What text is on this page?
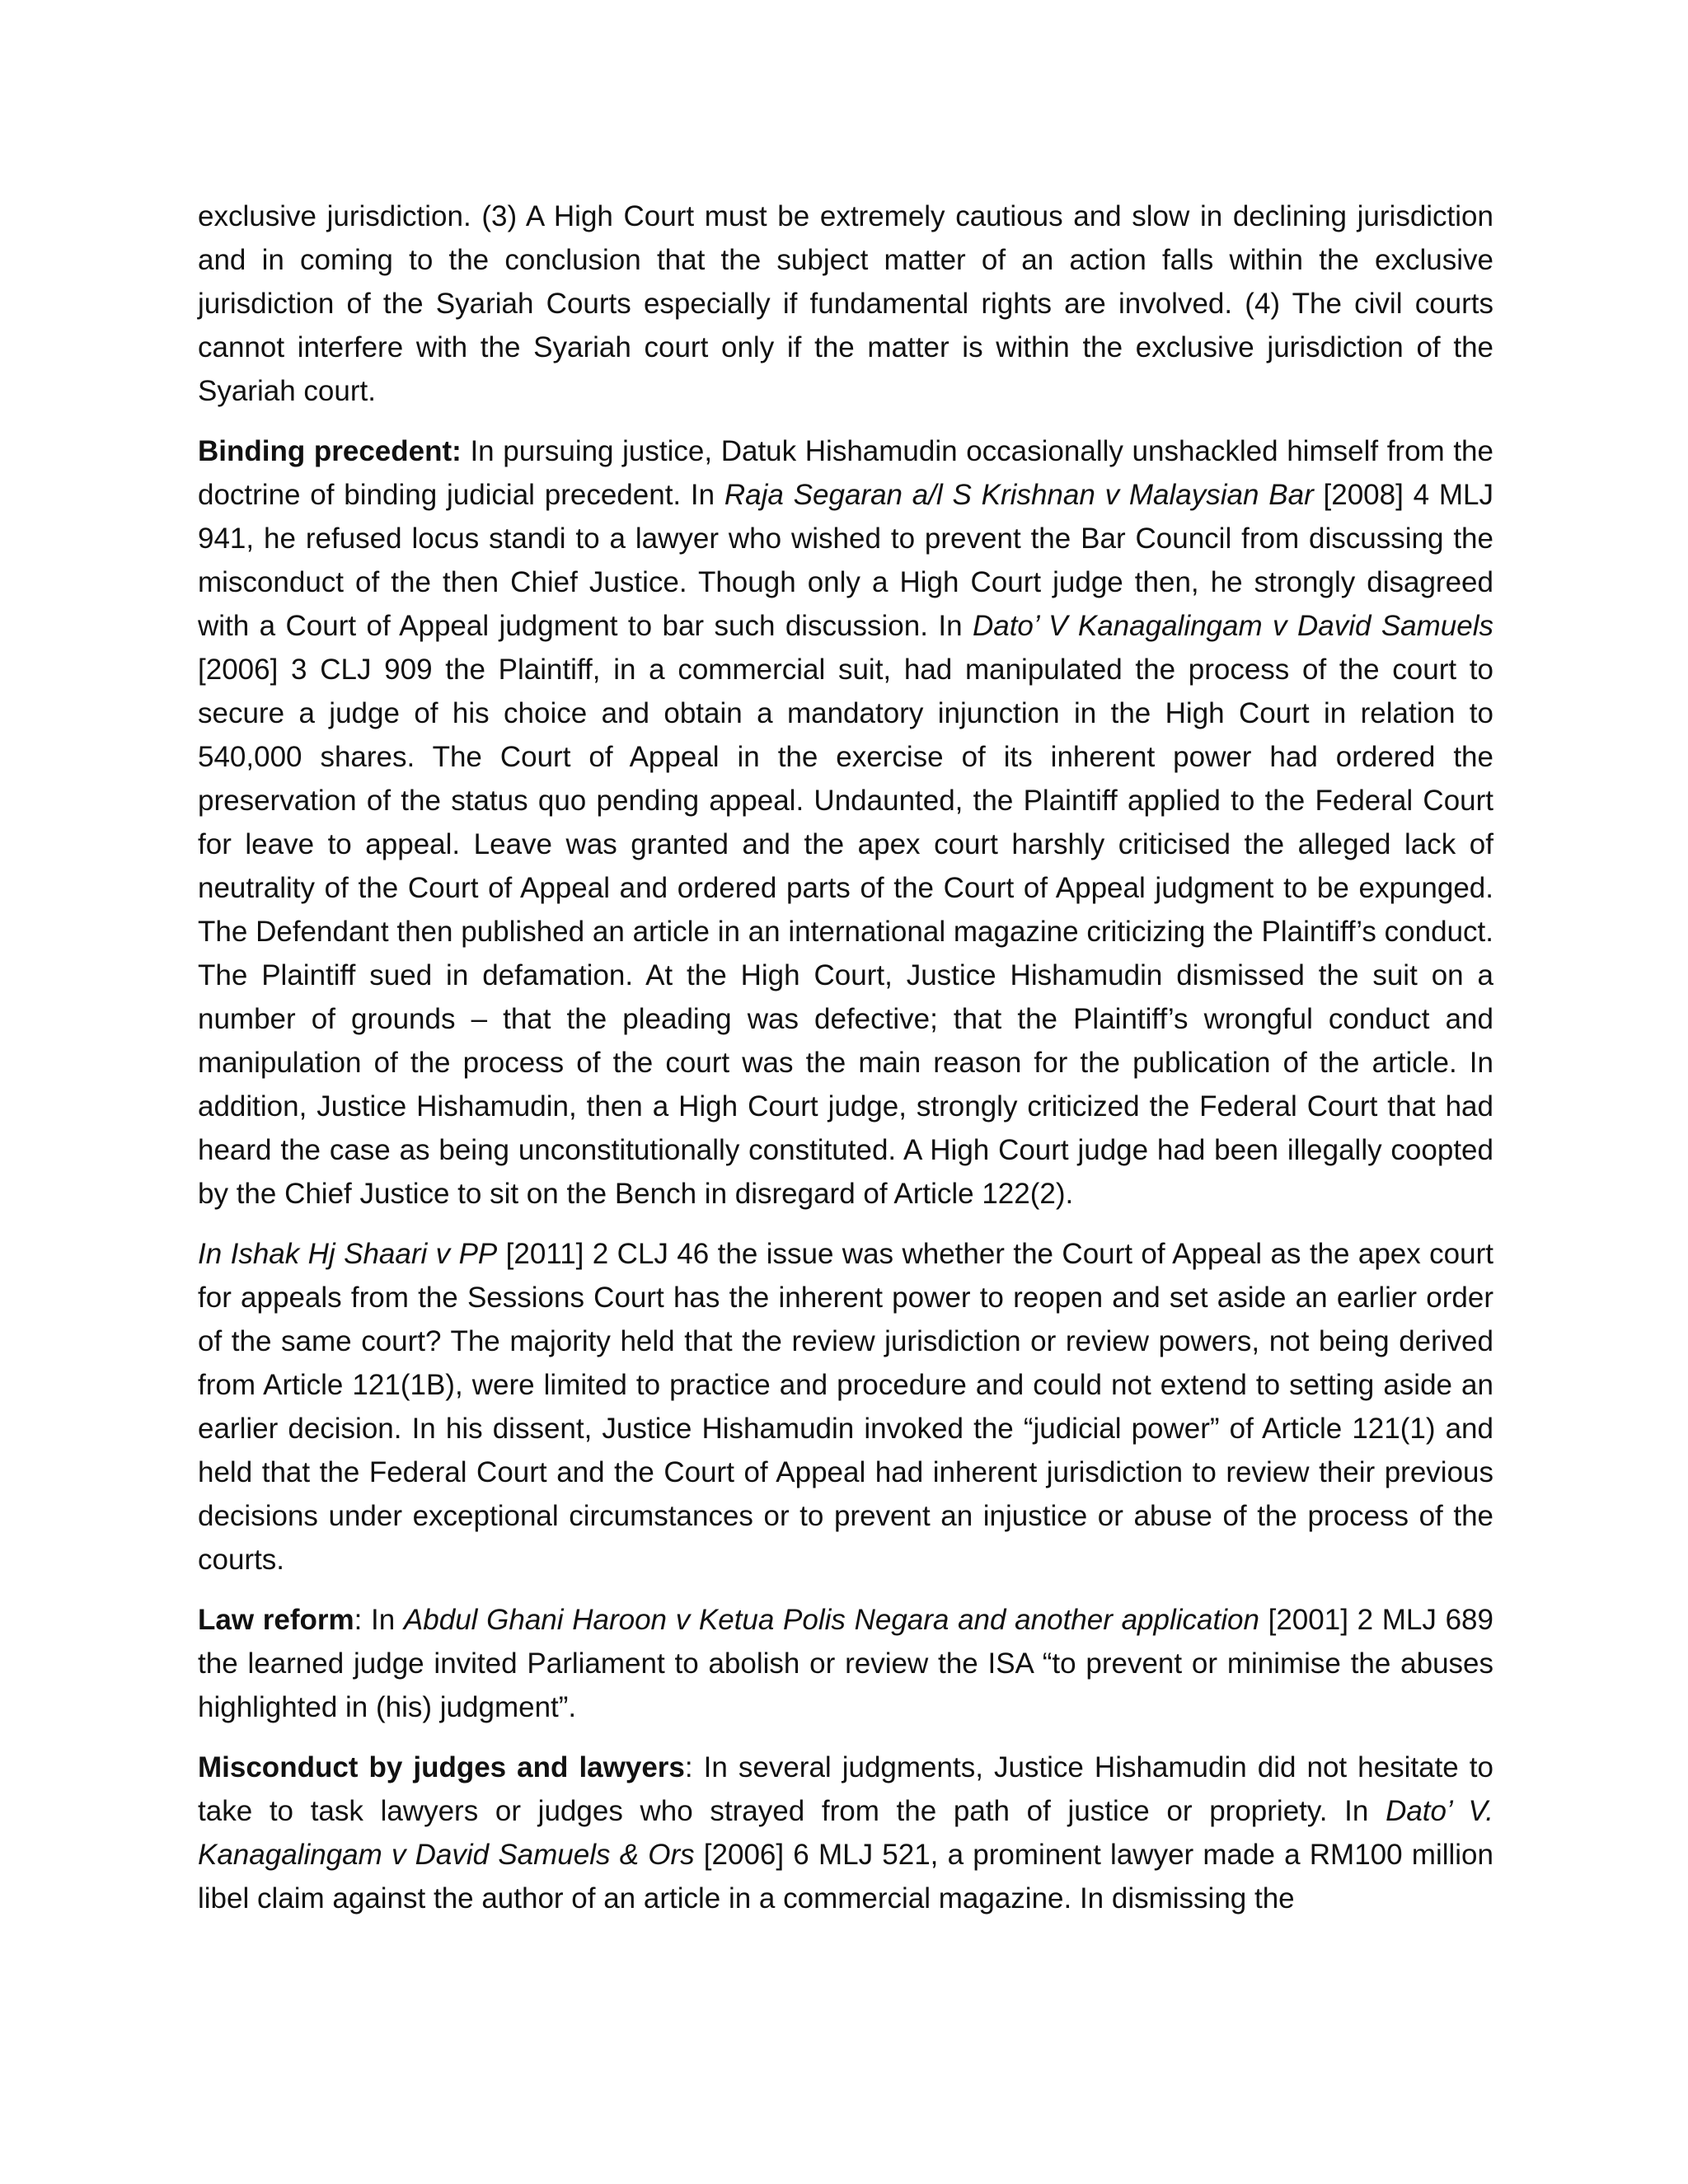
exclusive jurisdiction. (3) A High Court must be extremely cautious and slow in declining jurisdiction and in coming to the conclusion that the subject matter of an action falls within the exclusive jurisdiction of the Syariah Courts especially if fundamental rights are involved. (4) The civil courts cannot interfere with the Syariah court only if the matter is within the exclusive jurisdiction of the Syariah court.

Binding precedent: In pursuing justice, Datuk Hishamudin occasionally unshackled himself from the doctrine of binding judicial precedent. In Raja Segaran a/l S Krishnan v Malaysian Bar [2008] 4 MLJ 941, he refused locus standi to a lawyer who wished to prevent the Bar Council from discussing the misconduct of the then Chief Justice. Though only a High Court judge then, he strongly disagreed with a Court of Appeal judgment to bar such discussion. In Dato’ V Kanagalingam v David Samuels [2006] 3 CLJ 909 the Plaintiff, in a commercial suit, had manipulated the process of the court to secure a judge of his choice and obtain a mandatory injunction in the High Court in relation to 540,000 shares. The Court of Appeal in the exercise of its inherent power had ordered the preservation of the status quo pending appeal. Undaunted, the Plaintiff applied to the Federal Court for leave to appeal. Leave was granted and the apex court harshly criticised the alleged lack of neutrality of the Court of Appeal and ordered parts of the Court of Appeal judgment to be expunged. The Defendant then published an article in an international magazine criticizing the Plaintiff’s conduct. The Plaintiff sued in defamation. At the High Court, Justice Hishamudin dismissed the suit on a number of grounds – that the pleading was defective; that the Plaintiff’s wrongful conduct and manipulation of the process of the court was the main reason for the publication of the article. In addition, Justice Hishamudin, then a High Court judge, strongly criticized the Federal Court that had heard the case as being unconstitutionally constituted. A High Court judge had been illegally coopted by the Chief Justice to sit on the Bench in disregard of Article 122(2).

In Ishak Hj Shaari v PP [2011] 2 CLJ 46 the issue was whether the Court of Appeal as the apex court for appeals from the Sessions Court has the inherent power to reopen and set aside an earlier order of the same court? The majority held that the review jurisdiction or review powers, not being derived from Article 121(1B), were limited to practice and procedure and could not extend to setting aside an earlier decision. In his dissent, Justice Hishamudin invoked the “judicial power” of Article 121(1) and held that the Federal Court and the Court of Appeal had inherent jurisdiction to review their previous decisions under exceptional circumstances or to prevent an injustice or abuse of the process of the courts.

Law reform: In Abdul Ghani Haroon v Ketua Polis Negara and another application [2001] 2 MLJ 689 the learned judge invited Parliament to abolish or review the ISA “to prevent or minimise the abuses highlighted in (his) judgment”.

Misconduct by judges and lawyers: In several judgments, Justice Hishamudin did not hesitate to take to task lawyers or judges who strayed from the path of justice or propriety. In Dato’ V. Kanagalingam v David Samuels & Ors [2006] 6 MLJ 521, a prominent lawyer made a RM100 million libel claim against the author of an article in a commercial magazine. In dismissing the
